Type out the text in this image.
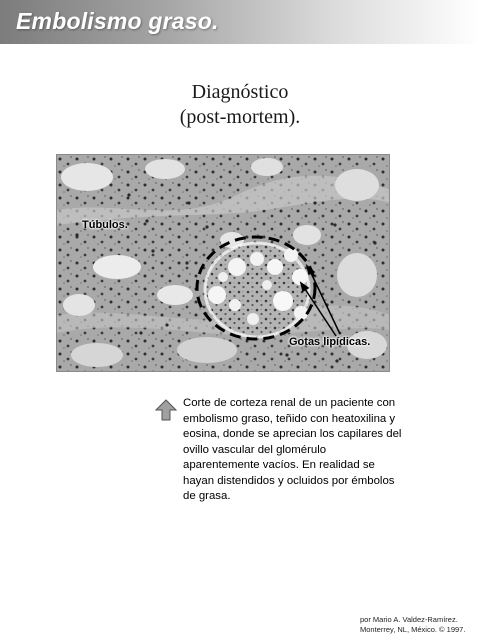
Embolismo graso.
Diagnóstico
(post-mortem).
Túbulos.
Gotas lipídicas.
Corte de corteza renal de un paciente con embolismo graso, teñido con heatoxilina y eosina, donde se aprecian los capilares del ovillo vascular del glomérulo aparentemente vacíos. En realidad se hayan distendidos y ocluidos por émbolos de grasa.
por Mario A. Valdez-Ramírez.
Monterrey, NL, México. © 1997.
